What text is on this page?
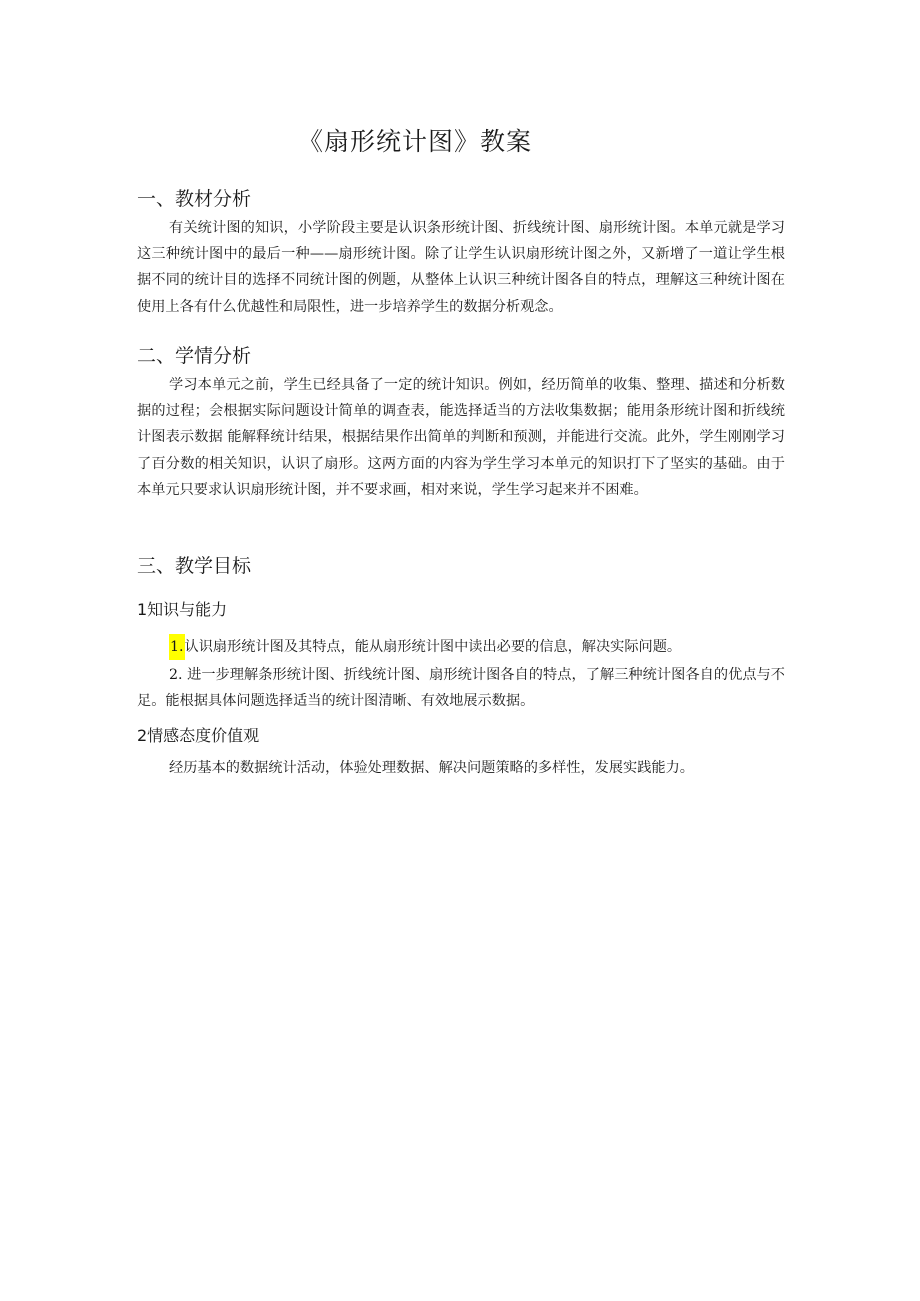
《扇形统计图》教案
一、教材分析

有关统计图的知识，小学阶段主要是认识条形统计图、折线统计图、扇形统计图。本单元就是学习这三种统计图中的最后一种——扇形统计图。除了让学生认识扇形统计图之外，又新增了一道让学生根据不同的统计目的选择不同统计图的例题，从整体上认识三种统计图各自的特点，理解这三种统计图在使用上各有什么优越性和局限性，进一步培养学生的数据分析观念。

二、学情分析

学习本单元之前，学生已经具备了一定的统计知识。例如，经历简单的收集、整理、描述和分析数据的过程；会根据实际问题设计简单的调查表，能选择适当的方法收集数据；能用条形统计图和折线统计图表示数据 能解释统计结果，根据结果作出简单的判断和预测，并能进行交流。此外，学生刚刚学习了百分数的相关知识，认识了扇形。这两方面的内容为学生学习本单元的知识打下了坚实的基础。由于本单元只要求认识扇形统计图，并不要求画，相对来说，学生学习起来并不困难。

三、教学目标
1知识与能力

1.认识扇形统计图及其特点，能从扇形统计图中读出必要的信息，解决实际问题。

2. 进一步理解条形统计图、折线统计图、扇形统计图各自的特点，了解三种统计图各自的优点与不足。能根据具体问题选择适当的统计图清晰、有效地展示数据。

2情感态度价值观

经历基本的数据统计活动，体验处理数据、解决问题策略的多样性，发展实践能力。
